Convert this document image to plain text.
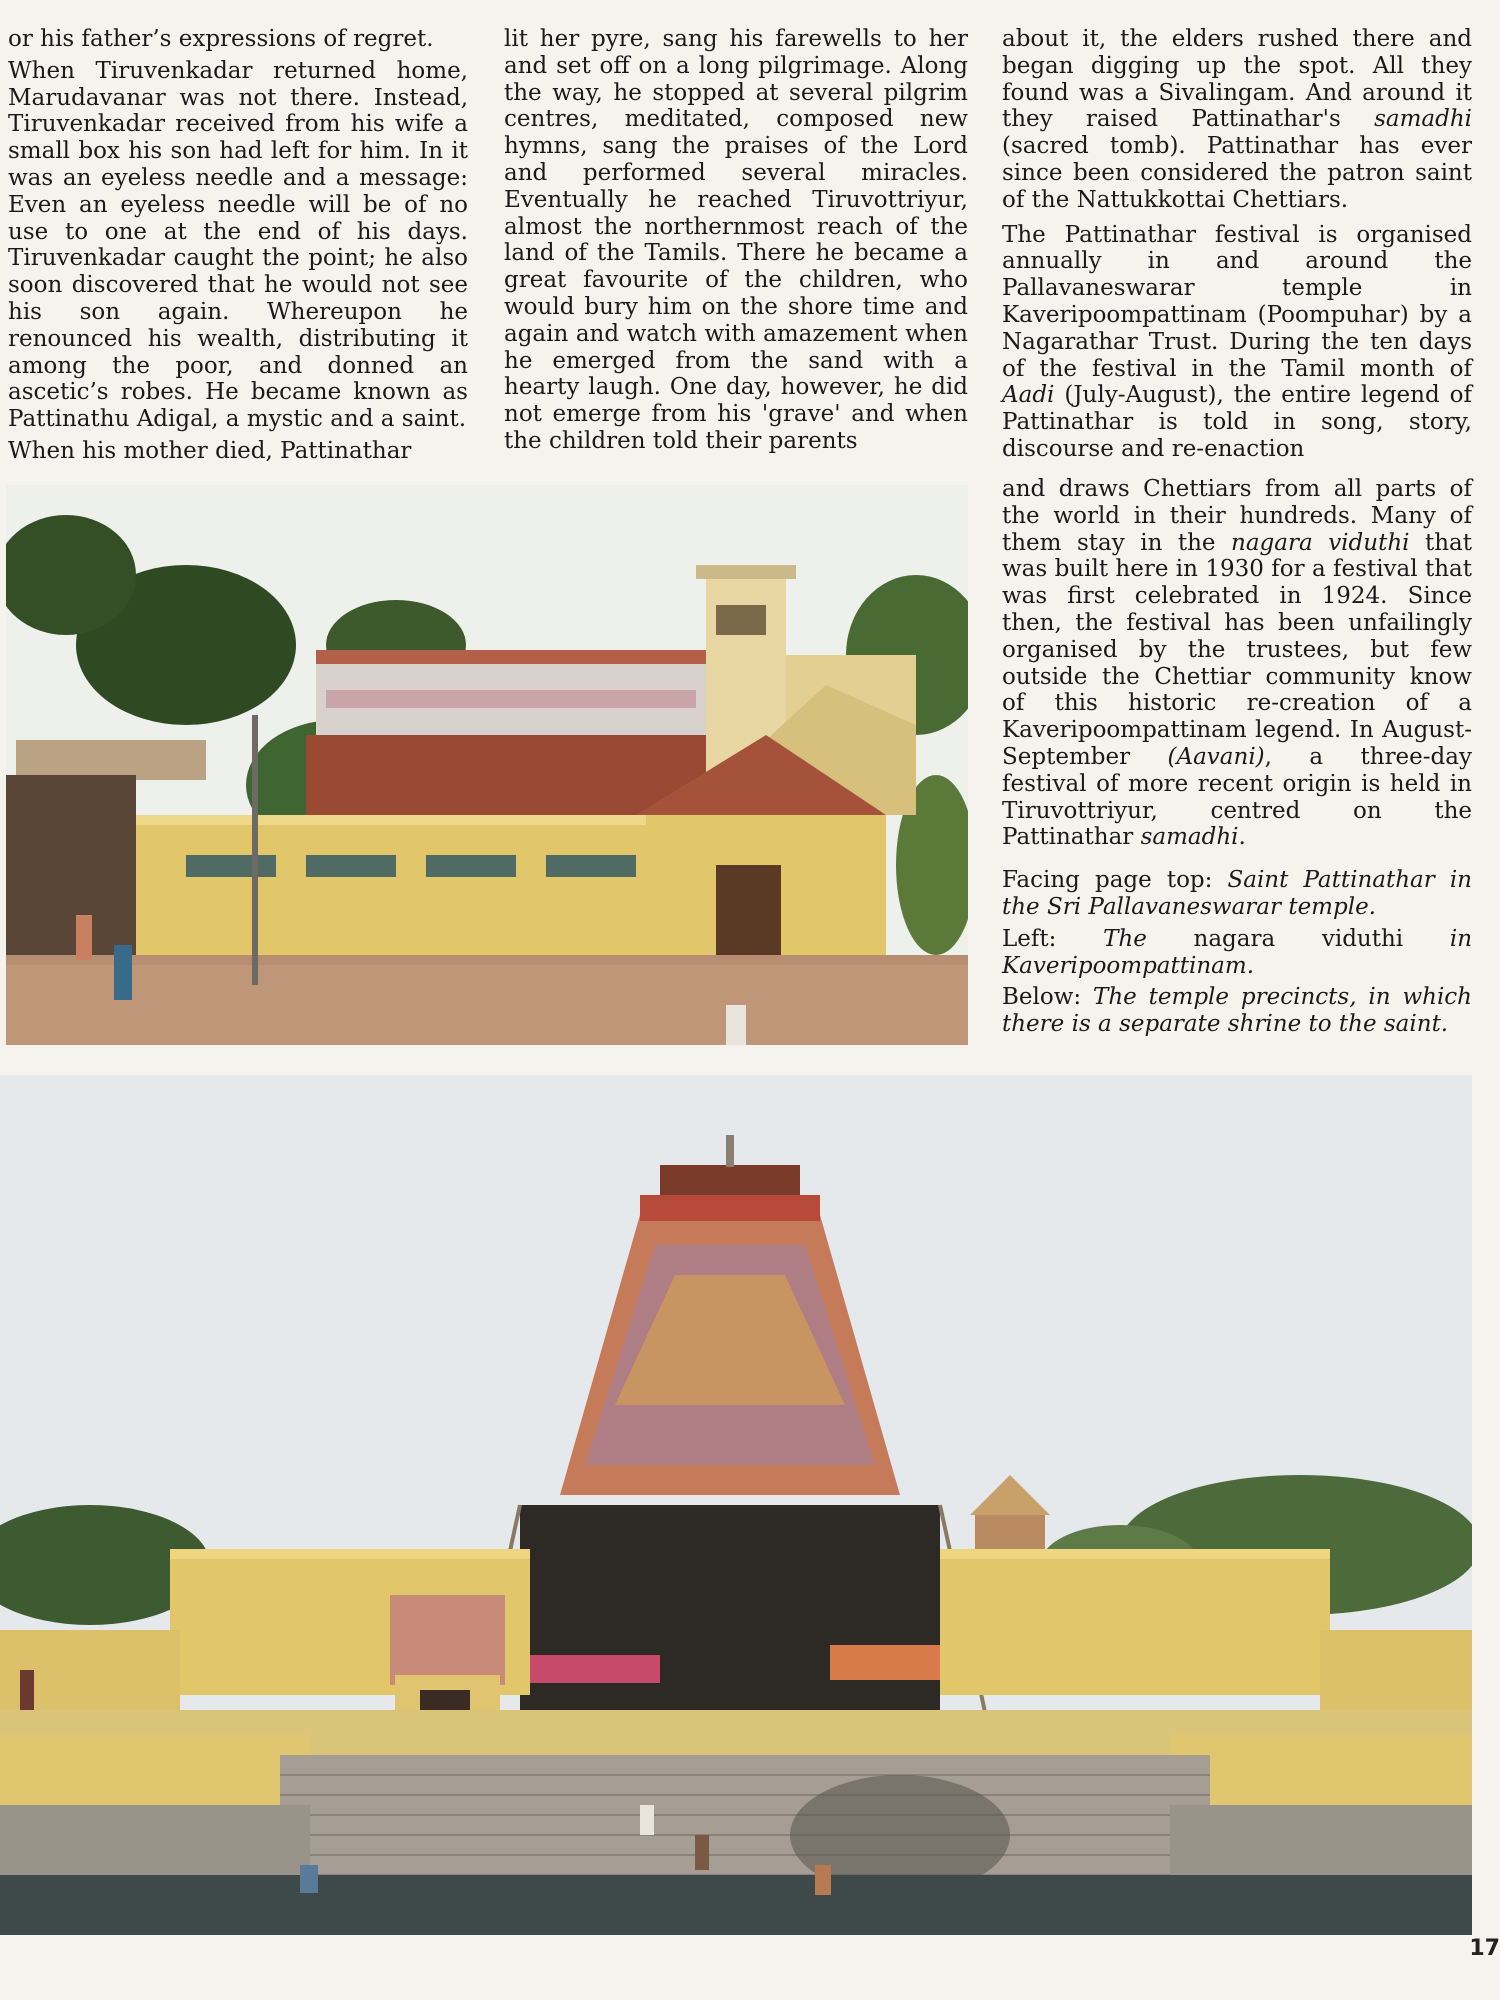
or his father’s expressions of regret.

When Tiruvenkadar returned home, Marudavanar was not there. Instead, Tiruvenkadar received from his wife a small box his son had left for him. In it was an eyeless needle and a message: Even an eyeless needle will be of no use to one at the end of his days. Tiruvenkadar caught the point; he also soon discovered that he would not see his son again. Whereupon he renounced his wealth, distributing it among the poor, and donned an ascetic’s robes. He became known as Pattinathu Adigal, a mystic and a saint.

When his mother died, Pattinathar

lit her pyre, sang his farewells to her and set off on a long pilgrimage. Along the way, he stopped at several pilgrim centres, meditated, composed new hymns, sang the praises of the Lord and performed several miracles. Eventually he reached Tiruvottriyur, almost the northernmost reach of the land of the Tamils. There he became a great favourite of the children, who would bury him on the shore time and again and watch with amazement when he emerged from the sand with a hearty laugh. One day, however, he did not emerge from his 'grave' and when the children told their parents

about it, the elders rushed there and began digging up the spot. All they found was a Sivalingam. And around it they raised Pattinathar's samadhi (sacred tomb). Pattinathar has ever since been considered the patron saint of the Nattukkottai Chettiars.

The Pattinathar festival is organised annually in and around the Pallavaneswarar temple in Kaveripoompattinam (Poompuhar) by a Nagarathar Trust. During the ten days of the festival in the Tamil month of Aadi (July-August), the entire legend of Pattinathar is told in song, story, discourse and re-enaction

and draws Chettiars from all parts of the world in their hundreds. Many of them stay in the nagara viduthi that was built here in 1930 for a festival that was first celebrated in 1924. Since then, the festival has been unfailingly organised by the trustees, but few outside the Chettiar community know of this historic re-creation of a Kaveripoompattinam legend. In August-September (Aavani), a three-day festival of more recent origin is held in Tiruvottriyur, centred on the Pattinathar samadhi.

Facing page top: Saint Pattinathar in the Sri Pallavaneswarar temple.

Left: The nagara viduthi in Kaveripoompattinam.

Below: The temple precincts, in which there is a separate shrine to the saint.

17
